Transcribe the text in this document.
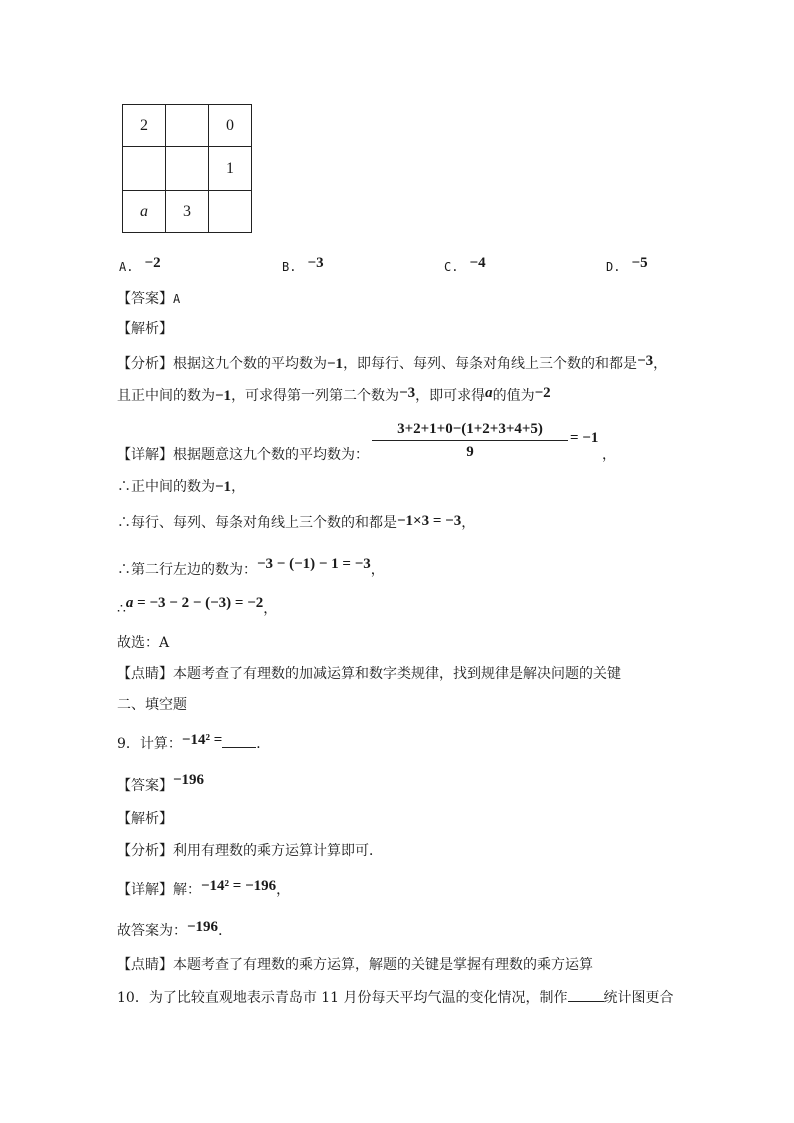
2		0
		1
a	3	
A. −2	B. −3	C. −4	D. −5
【答案】A
【解析】
【分析】根据这九个数的平均数为−1，即每行、每列、每条对角线上三个数的和都是−3，
且正中间的数为−1，可求得第一列第二个数为−3，即可求得a的值为−2
3+2+1+0−(1+2+3+4+5)
9
= −1
，
【详解】根据题意这九个数的平均数为：
∴正中间的数为−1，
∴每行、每列、每条对角线上三个数的和都是−1×3 = −3，
∴第二行左边的数为：−3 − (−1) − 1 = −3，
∴a = −3 − 2 − (−3) = −2，
故选：A
【点睛】本题考查了有理数的加减运算和数字类规律，找到规律是解决问题的关键
二、填空题
9．计算：−14² = ．
【答案】−196
【解析】
【分析】利用有理数的乘方运算计算即可．
【详解】解：−14² = −196，
故答案为：−196．
【点睛】本题考查了有理数的乘方运算，解题的关键是掌握有理数的乘方运算
10．为了比较直观地表示青岛市 11 月份每天平均气温的变化情况，制作	统计图更合
